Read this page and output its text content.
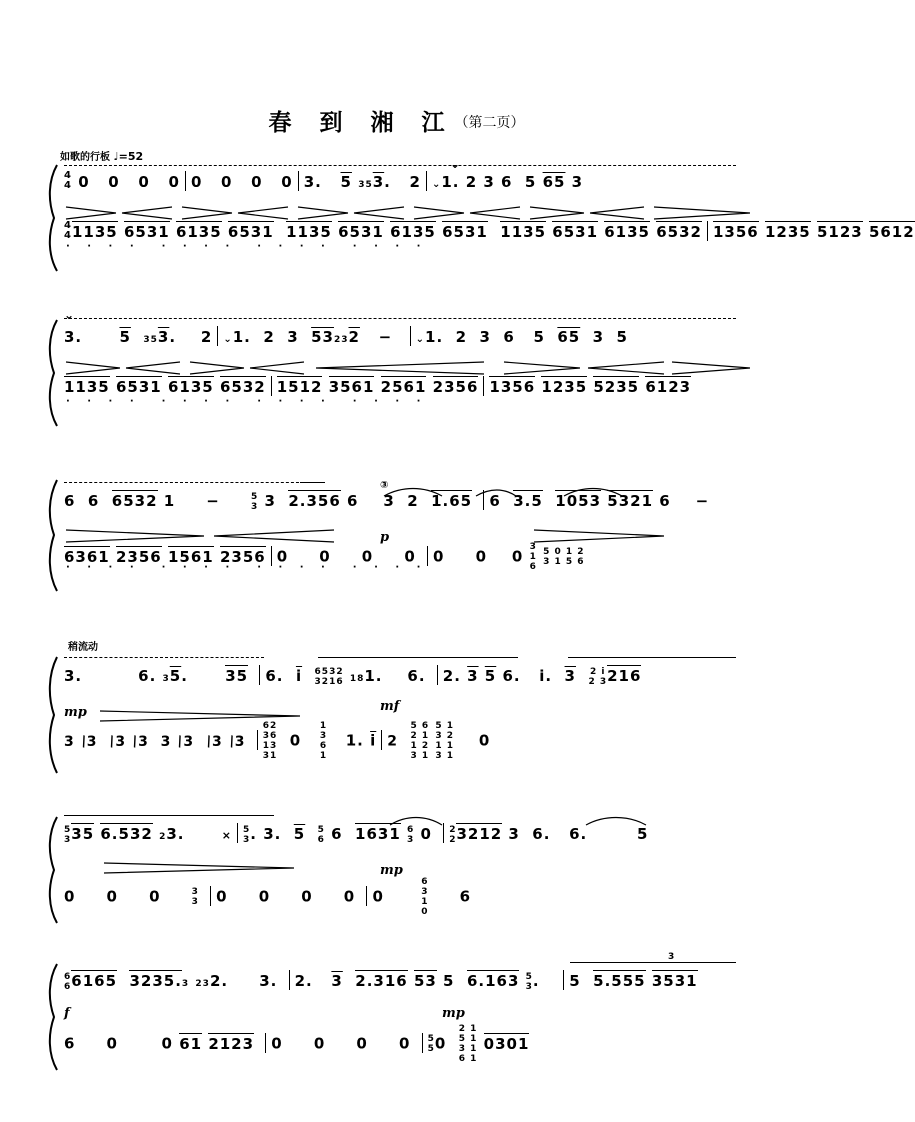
春 到 湘 江（第二页）
如歌的行板 ♩=52
⌄
4
4 0   0   0   0 0   0   0   0 3.   5 353.   2 ⌄1. 2 3 6  5 65 3
4
41135 6531 6135 6531 1135 6531 6135 6531 1135 6531 6135 6532 1356 1235 5123 5612
· · · ·  · · · ·  · · · ·  · · · ·
⌄
3.      5 353.    2 ⌄1.  2  3  53232   −  ⌄1.  2  3  6   5  65  3  5
1135 6531 6135 6532 1512 3561 2561 2356 1356 1235 5235 6123
· · · ·  · · · ·  · · · ·  · · · ·
6  6  6532 1     −     5
3 3  2.356 6    3  2  1.65 6  3.5 1053 5321 6    −
③
p
6361 2356 1561 2356 0     0     0     0 0     0    0 3
1
6 5 0 1 2
3 1 5 6
· · · ·  · · · ·  · · · ·  · · · ·
稍流动
3.         6. 35.      35 6.  $\overline{i}$ 6532
3216 181.    6. 2. 3 5 6.   i.  3 2 i
2 3216
mp	mf
3 \3  \3 \3  3 \3  \3 \3 6
3
1
32
6
3
1  0   1
3
6
1   1. $\overline{i}$ 2  5 6
2 1
1 2
3 1 5 1
3 2
1 1
3 1    0
5
335 6.532 23.      ⨯ 5
3. 3.  5 5
6 6  1631 6
3 0 2
23212 3  6.   6.        5
mp
0     0     0     3
3 0     0     0     0 0      6
3
1
0     6
6
66165 3235.3 232.     3. 2.   3 2.316 53 5  6.163 5
3.   5  5.555 3531
3
f	mp
6     0       0 61 2123 0     0     0     0 5
50  2 1
5 1
3 1
6 1 0301
